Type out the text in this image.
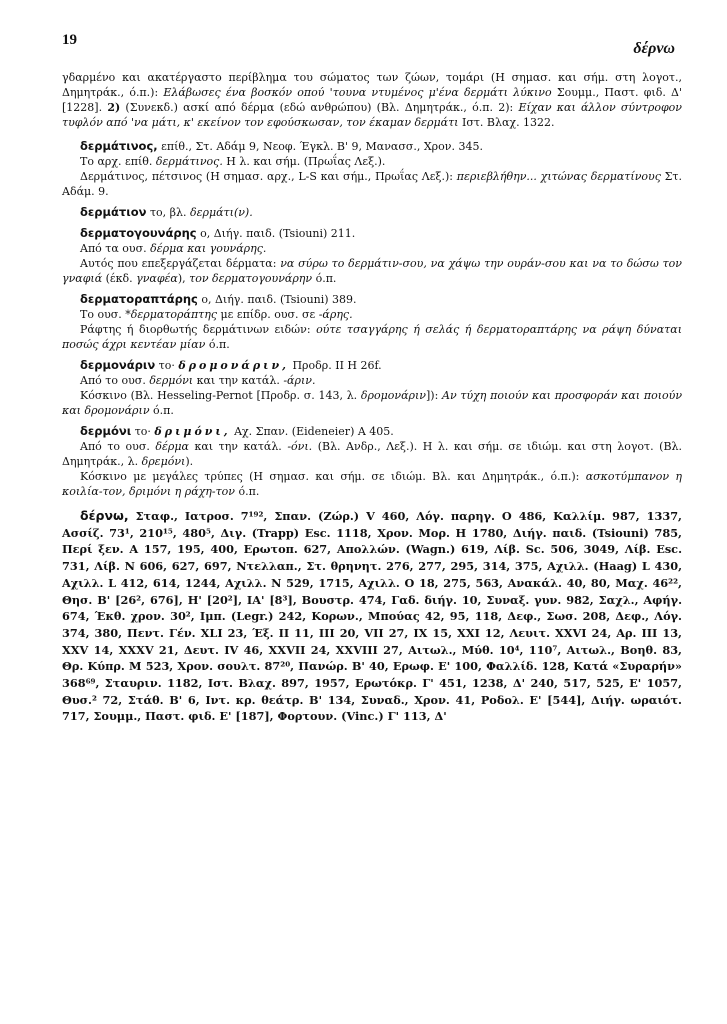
19	δέρνω

γδαρμένο και ακατέργαστο περίβλημα του σώματος των ζώων, τομάρι (Η σημασ. και σήμ. στη λογοτ., Δημητράκ., ό.π.): Ελάβωσες ένα βοσκόν οπού 'τουνα ντυμένος μ'ένα δερμάτι λύκινο Σουμμ., Παστ. φιδ. Δ' [1228]. 2) (Συνεκδ.) ασκί από δέρμα (εδώ ανθρώπου) (Βλ. Δημητράκ., ό.π. 2): Είχαν και άλλον σύντροφον τυφλόν από 'να μάτι, κ' εκείνον τον εφούσκωσαν, τον έκαμαν δερμάτι Ιστ. Βλαχ. 1322.

δερμάτινος, επίθ., Στ. Αδάμ 9, Νεοφ. Έγκλ. Β' 9, Μανασσ., Χρον. 345.

Το αρχ. επίθ. δερμάτινος. Η λ. και σήμ. (Πρωΐας Λεξ.).

Δερμάτινος, πέτσινος (Η σημασ. αρχ., L-S και σήμ., Πρωΐας Λεξ.): περιεβλήθην... χιτώνας δερματίνους Στ. Αδάμ. 9.

δερμάτιον το, βλ. δερμάτι(ν).

δερματογουνάρης ο, Διήγ. παιδ. (Tsiouni) 211.

Από τα ουσ. δέρμα και γουνάρης.

Αυτός που επεξεργάζεται δέρματα: να σύρω το δερμάτιν-σου, να χάψω την ουράν-σου και να το δώσω τον γναφιά (έκδ. γναφέα), τον δερματογουνάρην ό.π.

δερματοραπτάρης ο, Διήγ. παιδ. (Tsiouni) 389.

Το ουσ. *δερματοράπτης με επίδρ. ουσ. σε -άρης.

Ράφτης ή διορθωτής δερμάτινων ειδών: ούτε τσαγγάρης ή σελάς ή δερματοραπτάρης να ράψη δύναται ποσώς άχρι κεντέαν μίαν ό.π.

δερμονάριν το· δρομονάριν, Προδρ. II Η 26f.

Από το ουσ. δερμόνι και την κατάλ. -άριν.

Κόσκινο (Βλ. Hesseling-Pernot [Προδρ. σ. 143, λ. δρομονάριν]): Αν τύχη ποιούν και προσφοράν και ποιούν και δρομονάριν ό.π.

δερμόνι το· δριμόνι, Αχ. Σπαν. (Eideneier) Α 405.

Από το ουσ. δέρμα και την κατάλ. -όνι. (Βλ. Ανδρ., Λεξ.). Η λ. και σήμ. σε ιδιώμ. και στη λογοτ. (Βλ. Δημητράκ., λ. δρεμόνι).

Κόσκινο με μεγάλες τρύπες (Η σημασ. και σήμ. σε ιδιώμ. Βλ. και Δημητράκ., ό.π.): ασκοτύμπανον η κοιλία-τον, δριμόνι η ράχη-τον ό.π.

δέρνω, Σταφ., Ιατροσ. 7¹⁹², Σπαν. (Ζώρ.) V 460, Λόγ. παρηγ. Ο 486, Καλλίμ. 987, 1337, Ασσίζ. 73¹, 210¹⁵, 480⁵, Διγ. (Trapp) Esc. 1118, Χρον. Μορ. Η 1780, Διήγ. παιδ. (Tsiouni) 785, Περί ξεν. Α 157, 195, 400, Ερωτοπ. 627, Απολλών. (Wagn.) 619, Λίβ. Sc. 506, 3049, Λίβ. Esc. 731, Λίβ. Ν 606, 627, 697, Ντελλαπ., Στ. θρηνητ. 276, 277, 295, 314, 375, Αχιλλ. (Haag) L 430, Αχιλλ. L 412, 614, 1244, Αχιλλ. Ν 529, 1715, Αχιλλ. Ο 18, 275, 563, Ανακάλ. 40, 80, Μαχ. 46²², Θησ. Β' [26², 676], Η' [20²], ΙΑ' [8³], Βουστρ. 474, Γαδ. διήγ. 10, Συναξ. γυν. 982, Σαχλ., Αφήγ. 674, Έκθ. χρον. 30², Ιμπ. (Legr.) 242, Κορων., Μπούας 42, 95, 118, Δεφ., Σωσ. 208, Δεφ., Λόγ. 374, 380, Πεντ. Γέν. XLI 23, Έξ. II 11, III 20, VII 27, IX 15, XXI 12, Λευιτ. XXVI 24, Αρ. III 13, XXV 14, XXXV 21, Δευτ. IV 46, XXVII 24, XXVIII 27, Αιτωλ., Μύθ. 10⁴, 110⁷, Αιτωλ., Βοηθ. 83, Θρ. Κύπρ. Μ 523, Χρον. σουλτ. 87²⁰, Πανώρ. Β' 40, Ερωφ. Ε' 100, Φαλλίδ. 128, Κατά «Συραρήν» 368⁶⁹, Σταυριν. 1182, Ιστ. Βλαχ. 897, 1957, Ερωτόκρ. Γ' 451, 1238, Δ' 240, 517, 525, Ε' 1057, Θυσ.² 72, Στάθ. Β' 6, Ιντ. κρ. θεάτρ. Β' 134, Συναδ., Χρον. 41, Ροδολ. Ε' [544], Διήγ. ωραιότ. 717, Σουμμ., Παστ. φιδ. Ε' [187], Φορτουν. (Vinc.) Γ' 113, Δ'
